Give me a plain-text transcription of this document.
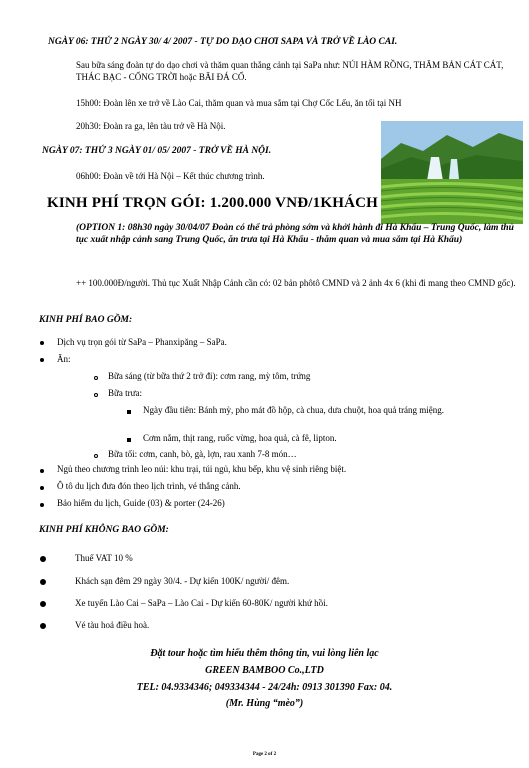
NGÀY 06: THỨ 2 NGÀY 30/ 4/ 2007 - TỰ DO DẠO CHƠI SAPA VÀ TRỞ VỀ LÀO CAI.
Sau bữa sáng đoàn tự do dạo chơi và thăm quan thắng cảnh tại SaPa như: NÚI HÀM RỒNG, THĂM BẢN CÁT CÁT, THÁC BẠC - CỔNG TRỜI hoặc BÃI ĐÁ CỔ.
15h00: Đoàn lên xe trở về Lào Cai, thăm quan và mua sắm tại Chợ Cốc Lếu, ăn tối tại NH
20h30: Đoàn ra ga, lên tàu trở về Hà Nội.
NGÀY 07: THỨ 3 NGÀY 01/ 05/ 2007 - TRỞ VỀ HÀ NỘI.
06h00: Đoàn về tới Hà Nội – Kết thúc chương trình.
KINH PHÍ TRỌN GÓI: 1.200.000 VNĐ/1KHÁCH
(OPTION 1: 08h30 ngày 30/04/07 Đoàn có thể trả phòng sớm và khởi hành đi Hà Khẩu – Trung Quốc, làm thủ tục xuất nhập cảnh sang Trung Quốc, ăn trưa tại Hà Khẩu - thăm quan và mua sắm tại Hà Khẩu)
++ 100.000Đ/người. Thủ tục Xuất Nhập Cảnh cần có: 02 bản phôtô CMND và 2 ảnh 4x 6 (khi đi mang theo CMND gốc).
KINH PHÍ BAO GỒM:
Dịch vụ trọn gói từ SaPa – Phanxipăng – SaPa.
Ăn:
Bữa sáng (từ bữa thứ 2 trở đi): cơm rang, mỳ tôm, trứng
Bữa trưa:
Ngày đầu tiên: Bánh mỳ, pho mát đồ hộp, cà chua, dưa chuột, hoa quả tráng miệng.
Cơm nắm, thịt rang, ruốc vừng, hoa quả, cà fê, lipton.
Bữa tối: cơm, canh, bò, gà, lợn, rau xanh 7-8 món…
Ngủ theo chương trình leo núi: khu trại, túi ngủ, khu bếp, khu vệ sinh riêng biệt.
Ô tô du lịch đưa đón theo lịch trình, vé thắng cảnh.
Bảo hiểm du lịch, Guide (03) & porter (24-26)
KINH PHÍ KHÔNG BAO GỒM:
Thuế VAT 10 %
Khách sạn đêm 29 ngày 30/4. - Dự kiến 100K/ người/ đêm.
Xe tuyến Lào Cai – SaPa – Lào Cai - Dự kiến 60-80K/ người khứ hồi.
Vé tàu hoả điều hoà.
Đặt tour hoặc tìm hiểu thêm thông tin, vui lòng liên lạc
GREEN BAMBOO Co.,LTD
TEL: 04.9334346; 049334344 - 24/24h: 0913 301390 Fax: 04.
(Mr. Hùng “mèo”)
Page 2 of 2
